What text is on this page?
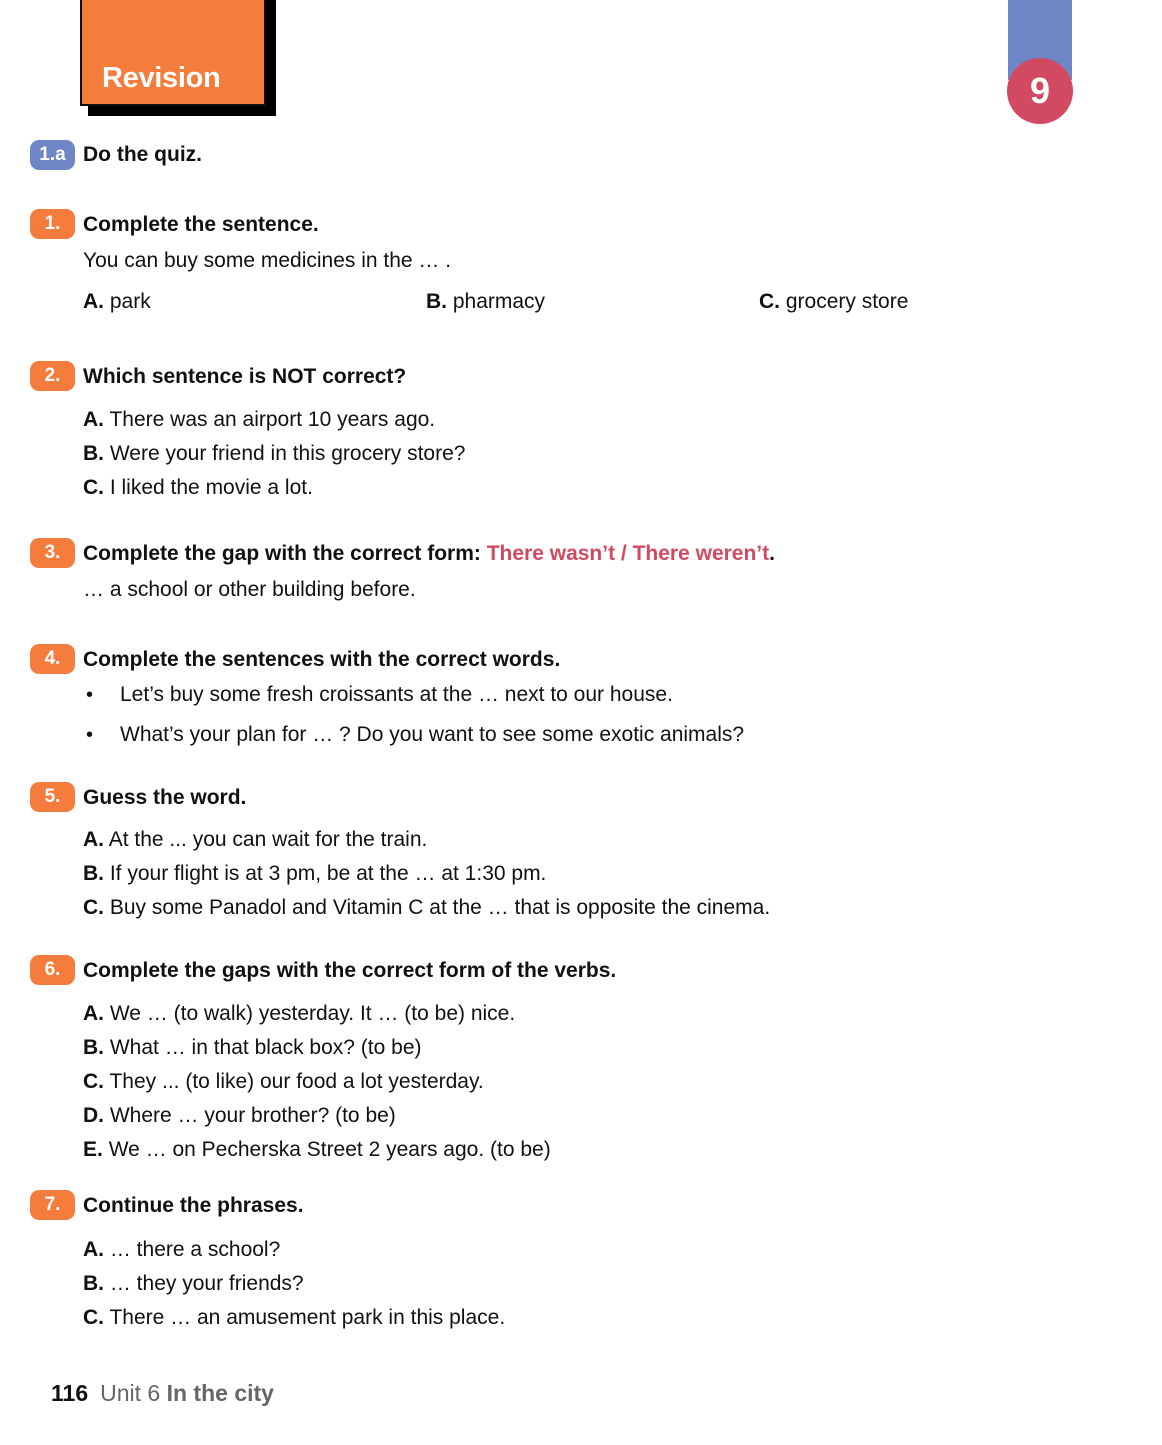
Revision	9
1.a Do the quiz.
1.	Complete the sentence.
You can buy some medicines in the … .
A. park	B. pharmacy	C. grocery store
2.	Which sentence is NOT correct?
A. There was an airport 10 years ago.
B. Were your friend in this grocery store?
C. I liked the movie a lot.
3.	Complete the gap with the correct form: There wasn’t / There weren’t.
… a school or other building before.
4.	Complete the sentences with the correct words.
• Let’s buy some fresh croissants at the … next to our house.
• What’s your plan for … ? Do you want to see some exotic animals?
5.	Guess the word.
A. At the ... you can wait for the train.
B. If your flight is at 3 pm, be at the … at 1:30 pm.
C. Buy some Panadol and Vitamin C at the … that is opposite the cinema.
6.	Complete the gaps with the correct form of the verbs.
A. We … (to walk) yesterday. It … (to be) nice.
B. What … in that black box? (to be)
C. They ... (to like) our food a lot yesterday.
D. Where … your brother? (to be)
E. We … on Pecherska Street 2 years ago. (to be)
7.	Continue the phrases.
A. … there a school?
B. … they your friends?
C. There … an amusement park in this place.
116 Unit 6 In the city
